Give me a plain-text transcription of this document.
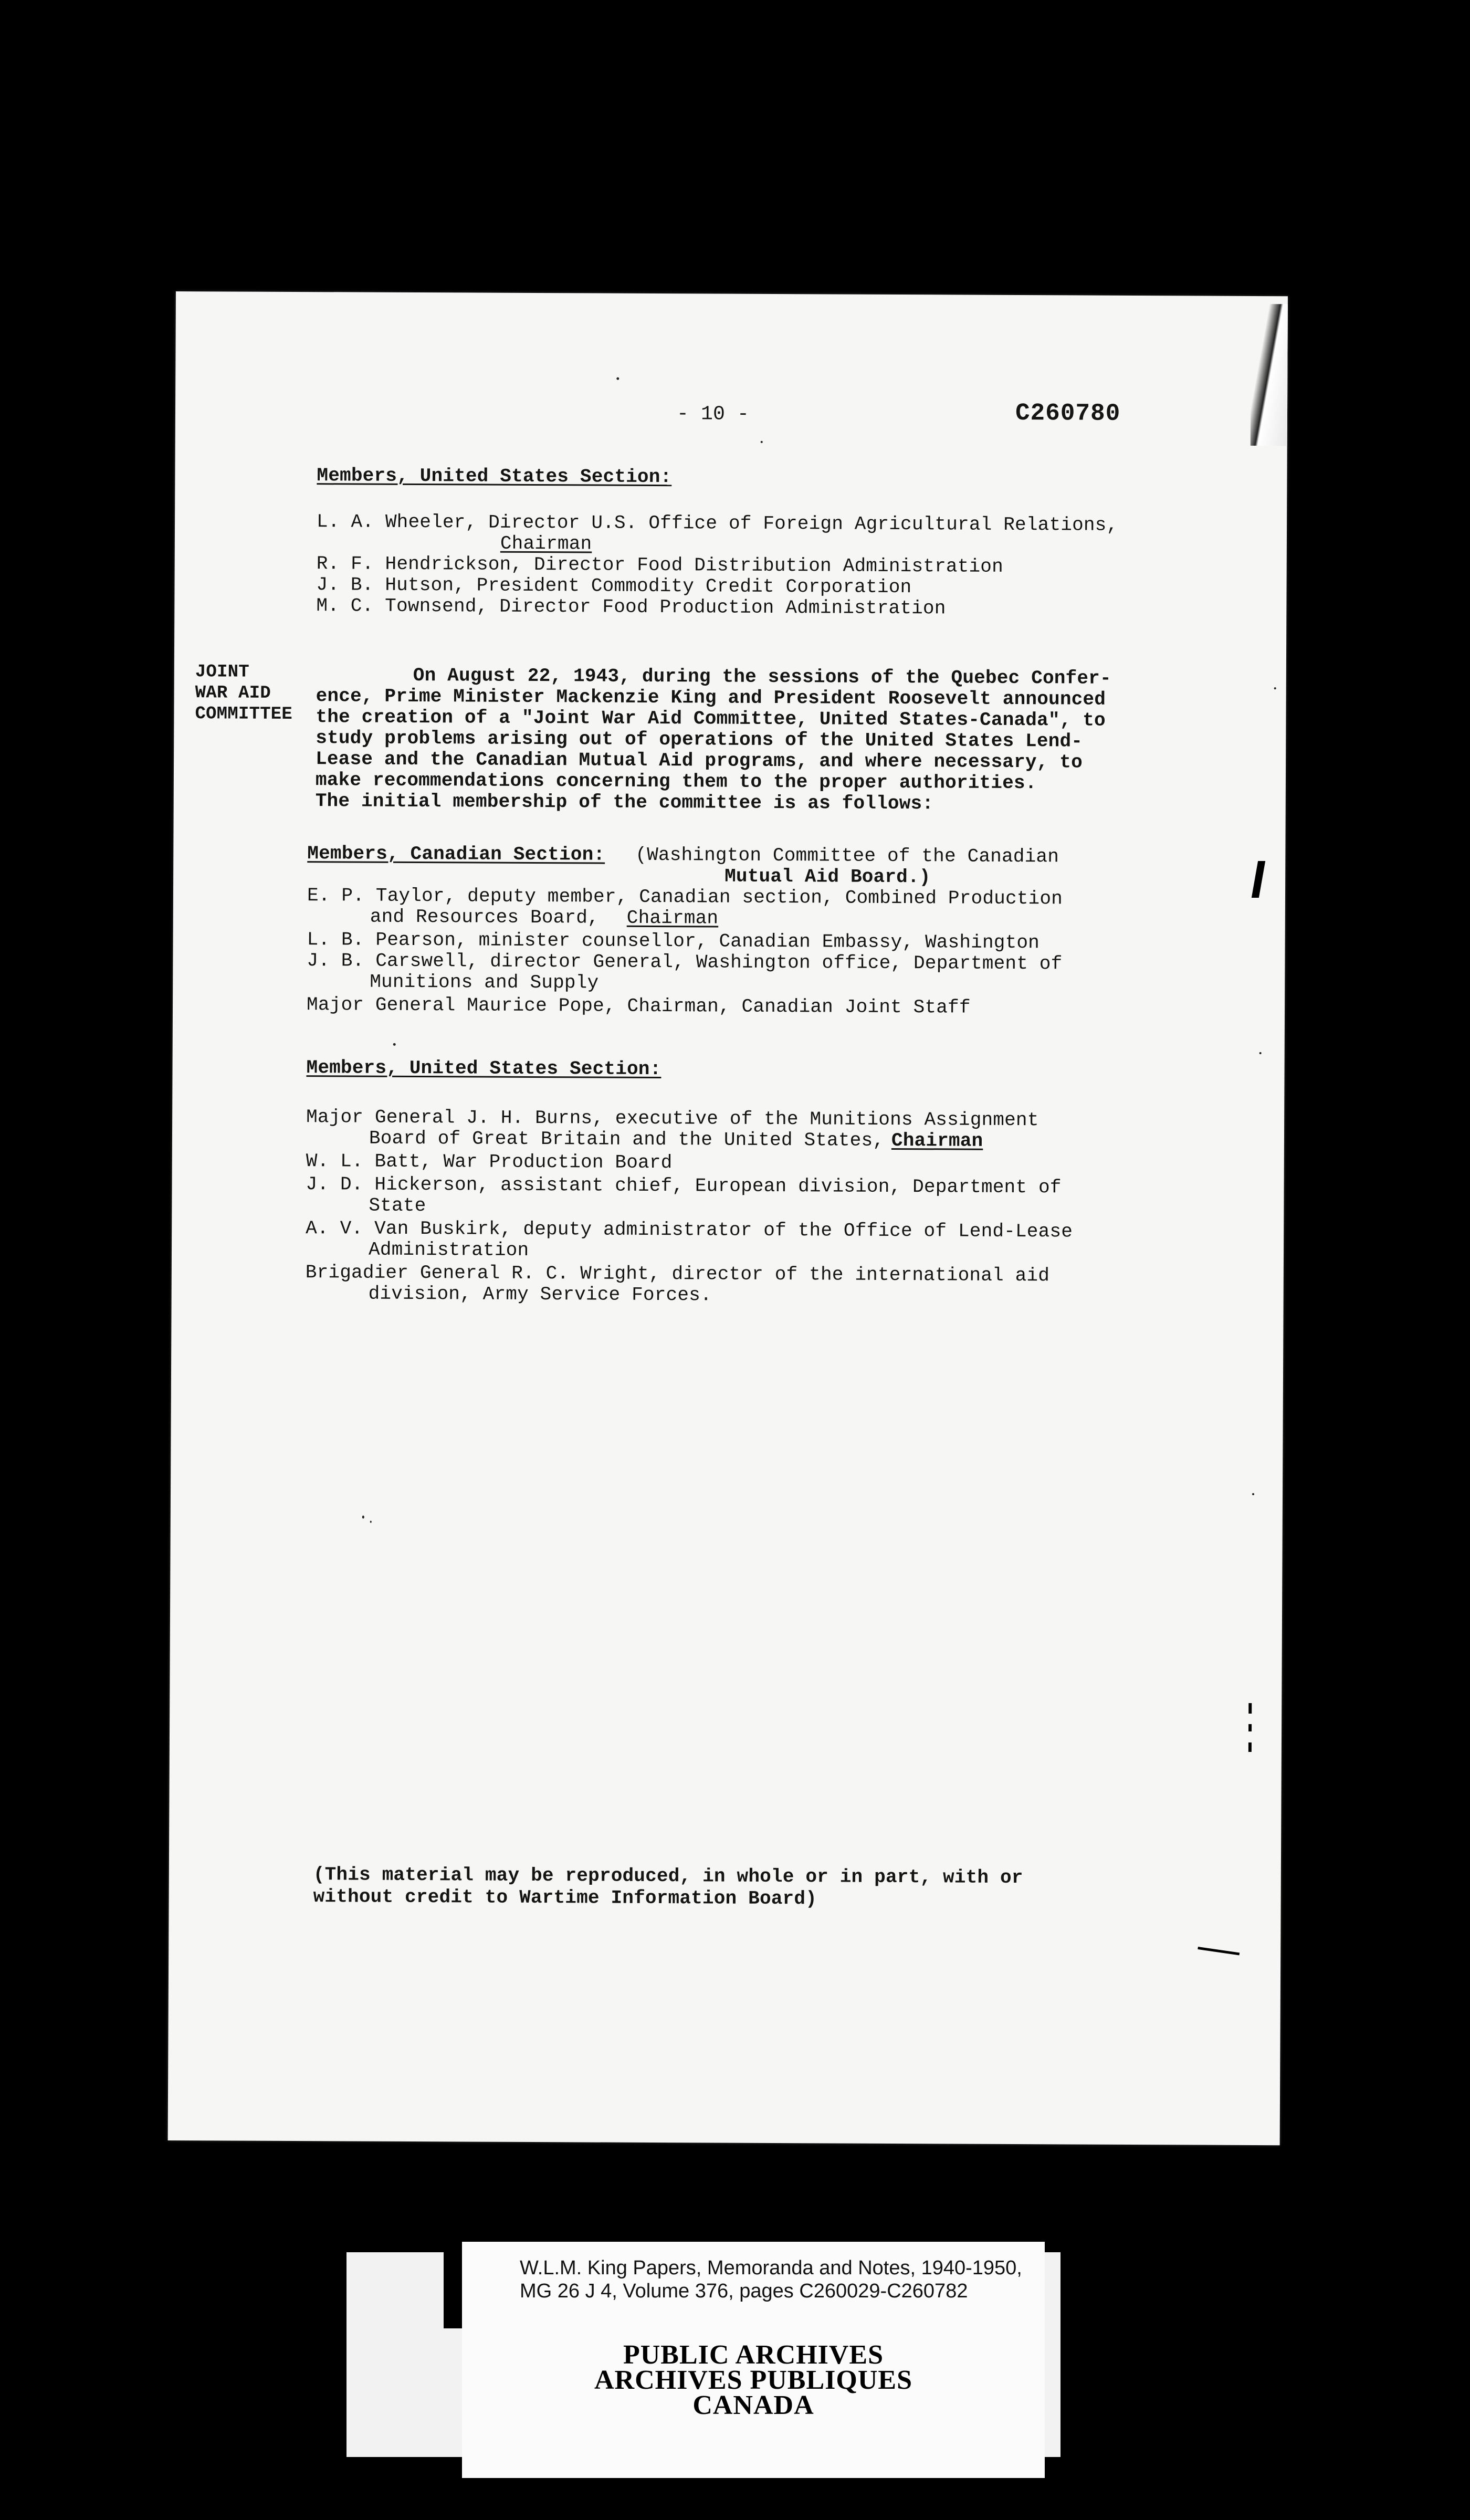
- 10 -	C260780
Members, United States Section:
L. A. Wheeler, Director U.S. Office of Foreign Agricultural Relations,
Chairman
R. F. Hendrickson, Director Food Distribution Administration
J. B. Hutson, President Commodity Credit Corporation
M. C. Townsend, Director Food Production Administration
JOINT
WAR AID
COMMITTEE
On August 22, 1943, during the sessions of the Quebec Confer-
ence, Prime Minister Mackenzie King and President Roosevelt announced
the creation of a "Joint War Aid Committee, United States-Canada", to
study problems arising out of operations of the United States Lend-
Lease and the Canadian Mutual Aid programs, and where necessary, to
make recommendations concerning them to the proper authorities.
The initial membership of the committee is as follows:
Members, Canadian Section: (Washington Committee of the Canadian
Mutual Aid Board.)
E. P. Taylor, deputy member, Canadian section, Combined Production
and Resources Board, Chairman
L. B. Pearson, minister counsellor, Canadian Embassy, Washington
J. B. Carswell, director General, Washington office, Department of
Munitions and Supply
Major General Maurice Pope, Chairman, Canadian Joint Staff
Members, United States Section:
Major General J. H. Burns, executive of the Munitions Assignment
Board of Great Britain and the United States,
Chairman
W. L. Batt, War Production Board
J. D. Hickerson, assistant chief, European division, Department of
State
A. V. Van Buskirk, deputy administrator of the Office of Lend-Lease
Administration
Brigadier General R. C. Wright, director of the international aid
division, Army Service Forces.
(This material may be reproduced, in whole or in part, with or
without credit to Wartime Information Board)
W.L.M. King Papers, Memoranda and Notes, 1940-1950,
MG 26 J 4, Volume 376, pages C260029-C260782
PUBLIC ARCHIVES
ARCHIVES PUBLIQUES
CANADA
